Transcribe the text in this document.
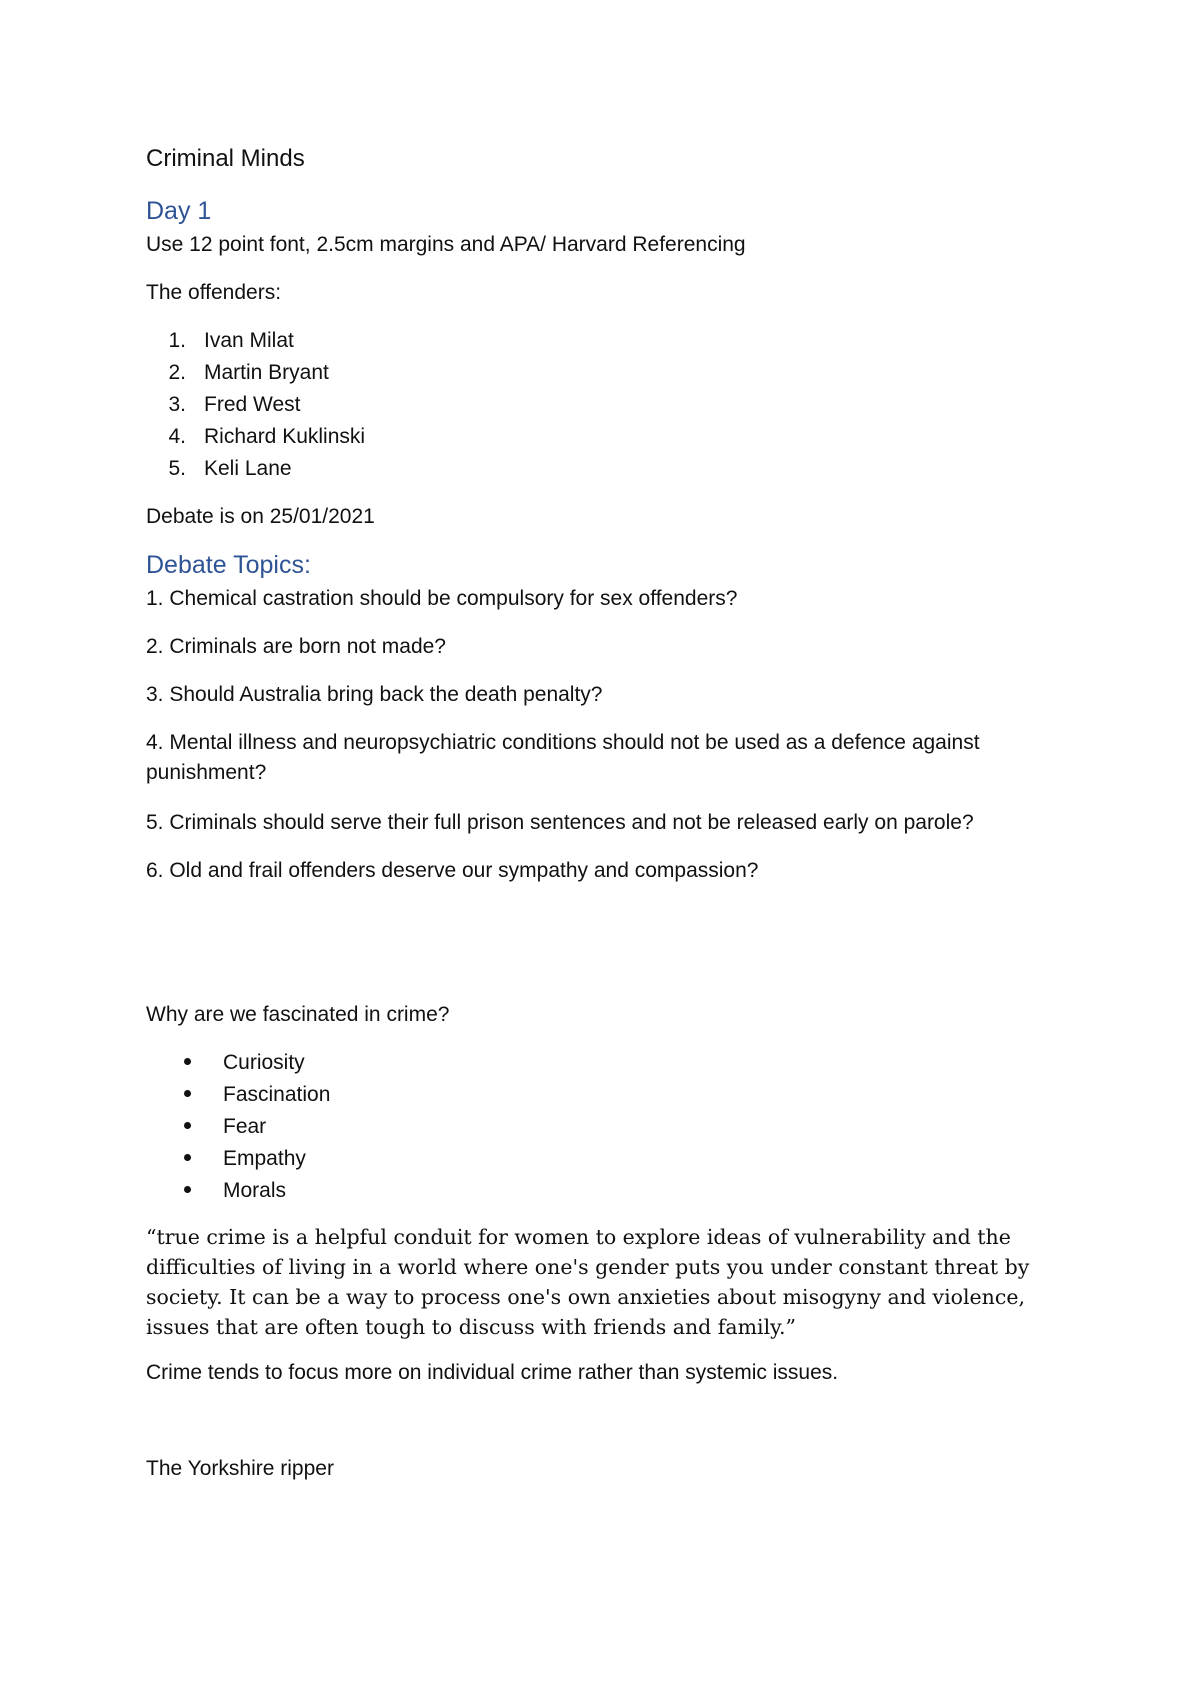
Criminal Minds
Day 1
Use 12 point font, 2.5cm margins and APA/ Harvard Referencing
The offenders:
1. Ivan Milat
2. Martin Bryant
3. Fred West
4. Richard Kuklinski
5. Keli Lane
Debate is on 25/01/2021
Debate Topics:
1. Chemical castration should be compulsory for sex offenders?
2. Criminals are born not made?
3. Should Australia bring back the death penalty?
4. Mental illness and neuropsychiatric conditions should not be used as a defence against punishment?
5. Criminals should serve their full prison sentences and not be released early on parole?
6. Old and frail offenders deserve our sympathy and compassion?
Why are we fascinated in crime?
Curiosity
Fascination
Fear
Empathy
Morals
“true crime is a helpful conduit for women to explore ideas of vulnerability and the difficulties of living in a world where one's gender puts you under constant threat by society. It can be a way to process one's own anxieties about misogyny and violence, issues that are often tough to discuss with friends and family.”
Crime tends to focus more on individual crime rather than systemic issues.
The Yorkshire ripper
